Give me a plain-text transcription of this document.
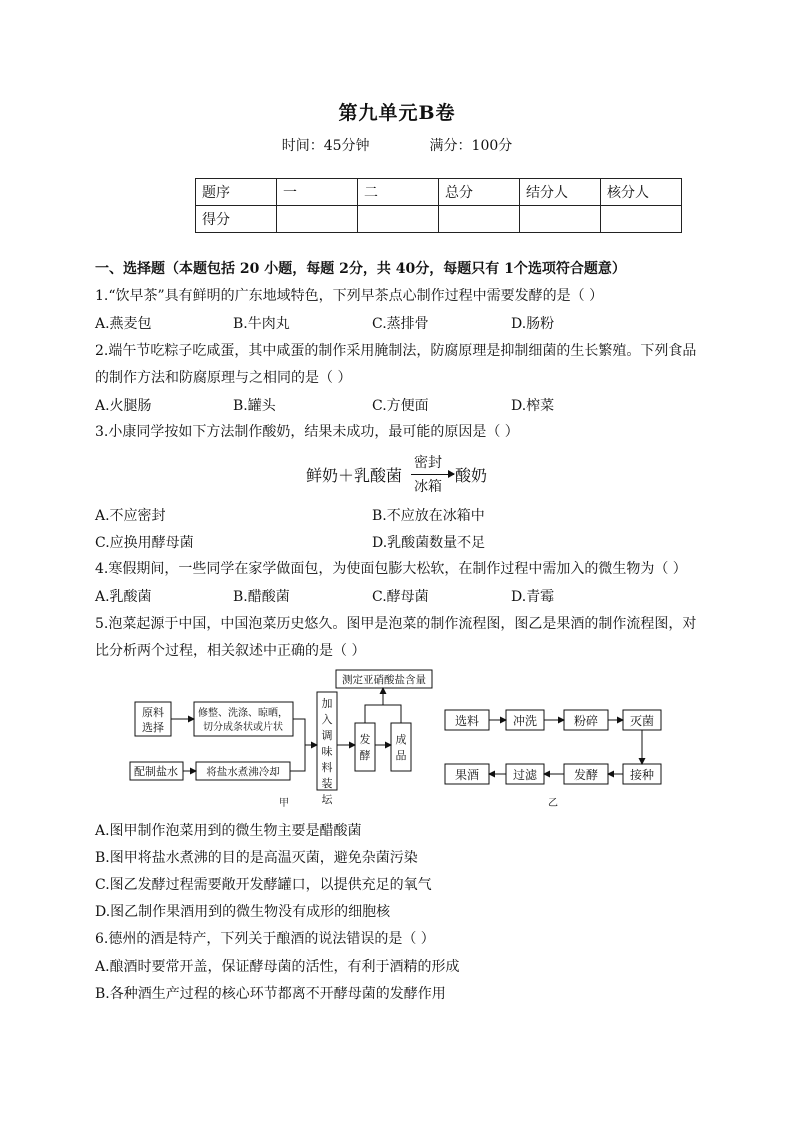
第九单元B卷
时间：45分钟	满分：100分
题序	一	二	总分	结分人	核分人
得分					
一、选择题（本题包括 20 小题，每题 2分，共 40分，每题只有 1个选项符合题意）
1.“饮早茶”具有鲜明的广东地域特色，下列早茶点心制作过程中需要发酵的是（ ）
A.燕麦包	B.牛肉丸	C.蒸排骨	D.肠粉
2.端午节吃粽子吃咸蛋，其中咸蛋的制作采用腌制法，防腐原理是抑制细菌的生长繁殖。下列食品
的制作方法和防腐原理与之相同的是（ ）
A.火腿肠	B.罐头	C.方便面	D.榨菜
3.小康同学按如下方法制作酸奶，结果未成功，最可能的原因是（ ）
鲜奶＋乳酸菌
密封
冰箱
酸奶
A.不应密封	B.不应放在冰箱中
C.应换用酵母菌	D.乳酸菌数量不足
4.寒假期间，一些同学在家学做面包，为使面包膨大松软，在制作过程中需加入的微生物为（ ）
A.乳酸菌	B.醋酸菌	C.酵母菌	D.青霉
5.泡菜起源于中国，中国泡菜历史悠久。图甲是泡菜的制作流程图，图乙是果酒的制作流程图，对
比分析两个过程，相关叙述中正确的是（ ）
原料
选择
修整、洗涤、晾晒，
切分成条状或片状
配制盐水	将盐水煮沸冷却
加
入
调
味
料
装
坛
发
酵
成
品
测定亚硝酸盐含量
甲
选料	冲洗	粉碎	灭菌
接种
发酵
过滤
果酒
乙
A.图甲制作泡菜用到的微生物主要是醋酸菌
B.图甲将盐水煮沸的目的是高温灭菌，避免杂菌污染
C.图乙发酵过程需要敞开发酵罐口，以提供充足的氧气
D.图乙制作果酒用到的微生物没有成形的细胞核
6.德州的酒是特产，下列关于酿酒的说法错误的是（ ）
A.酿酒时要常开盖，保证酵母菌的活性，有利于酒精的形成
B.各种酒生产过程的核心环节都离不开酵母菌的发酵作用
